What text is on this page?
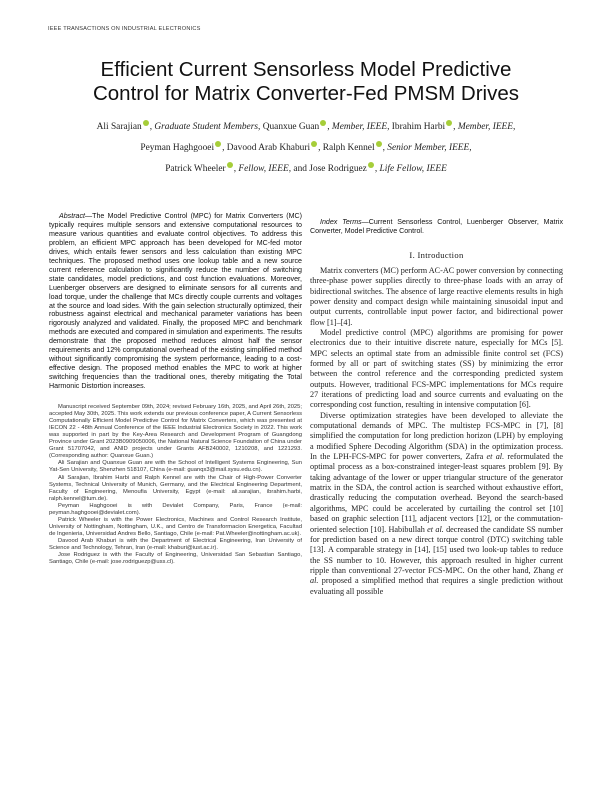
IEEE TRANSACTIONS ON INDUSTRIAL ELECTRONICS
Efficient Current Sensorless Model Predictive
Control for Matrix Converter-Fed PMSM Drives
Ali Sarajian , Graduate Student Members, Quanxue Guan , Member, IEEE, Ibrahim Harbi , Member, IEEE,
Peyman Haghgooei , Davood Arab Khaburi , Ralph Kennel , Senior Member, IEEE,
Patrick Wheeler , Fellow, IEEE, and Jose Rodriguez , Life Fellow, IEEE

Abstract—The Model Predictive Control (MPC) for Matrix Converters (MC) typically requires multiple sensors and extensive computational resources to measure various quantities and evaluate control objectives. To address this problem, an efficient MPC approach has been developed for MC-fed motor drives, which entails fewer sensors and less calculation than existing MPC techniques. The proposed method uses one lookup table and a new source current reference calculation to significantly reduce the number of switching state candidates, model predictions, and cost function evaluations. Moreover, Luenberger observers are designed to eliminate sensors for all currents and load torque, under the challenge that MCs directly couple currents and voltages at the source and load sides. With the gain selection structurally optimized, their robustness against electrical and mechanical parameter variations has been rigorously analyzed and validated. Finally, the proposed MPC and benchmark methods are executed and compared in simulation and experiments. The results demonstrate that the proposed method reduces almost half the sensor requirements and 12% computational overhead of the existing simplified method without significantly compromising the system performance, leading to a cost-effective design. The proposed method enables the MPC to work at higher switching frequencies than the traditional ones, thereby mitigating the Total Harmonic Distortion increases.

Manuscript received September 09th, 2024; revised February 16th, 2025, and April 26th, 2025; accepted May 30th, 2025. This work extends our previous conference paper, A Current Sensorless Computationally Efficient Model Predictive Control for Matrix Converters, which was presented at IECON 22 - 48th Annual Conference of the IEEE Industrial Electronics Society in 2022. This work was supported in part by the Key-Area Research and Development Program of Guangdong Province under Grant 2023B0909050006, the National Natural Science Foundation of China under Grant 51707042, and ANID projects under Grants AFB240002, 1210208, and 1221293. (Corresponding author: Quanxue Guan.)

Ali Sarajian and Quanxue Guan are with the School of Intelligent Systems Engineering, Sun Yat-Sen University, Shenzhen 518107, China (e-mail: guanqx3@mail.sysu.edu.cn).

Ali Sarajian, Ibrahim Harbi and Ralph Kennel are with the Chair of High-Power Converter Systems, Technical University of Munich, Germany, and the Electrical Engineering Department, Faculty of Engineering, Menoufia University, Egypt (e-mail: ali.sarajian, ibrahim.harbi, ralph.kennel@tum.de).

Peyman Haghgooei is with Devialet Company, Paris, France (e-mail: peyman.haghgooei@devialet.com).

Patrick Wheeler is with the Power Electronics, Machines and Control Research Institute, University of Nottingham, Nottingham, U.K., and Centro de Transformacion Energetica, Facultad de Ingenieria, Universidad Andres Bello, Santiago, Chile (e-mail: Pat.Wheeler@nottingham.ac.uk).

Davood Arab Khaburi is with the Department of Electrical Engineering, Iran University of Science and Technology, Tehran, Iran (e-mail: khaburi@iust.ac.ir).

Jose Rodriguez is with the Faculty of Engineering, Universidad San Sebastian Santiago, Santiago, Chile (e-mail: jose.rodriguezp@uss.cl).

Index Terms—Current Sensorless Control, Luenberger Observer, Matrix Converter, Model Predictive Control.

I. Introduction

Matrix converters (MC) perform AC-AC power conversion by connecting three-phase power supplies directly to three-phase loads with an array of bidirectional switches. The absence of large reactive elements results in high power density and compact design while maintaining sinusoidal input and output currents, controllable input power factor, and bidirectional power flow [1]–[4].

Model predictive control (MPC) algorithms are promising for power electronics due to their intuitive discrete nature, especially for MCs [5]. MPC selects an optimal state from an admissible finite control set (FCS) formed by all or part of switching states (SS) by minimizing the error between the control reference and the corresponding predicted system outputs. However, traditional FCS-MPC implementations for MCs require 27 iterations of predicting load and source currents and evaluating on the corresponding cost function, resulting in intensive computation [6].

Diverse optimization strategies have been developed to alleviate the computational demands of MPC. The multistep FCS-MPC in [7], [8] simplified the computation for long prediction horizon (LPH) by employing a modified Sphere Decoding Algorithm (SDA) in the optimization process. In the LPH-FCS-MPC for power converters, Zafra et al. reformulated the optimal process as a box-constrained integer-least squares problem [9]. By taking advantage of the lower or upper triangular structure of the generator matrix in the SDA, the control action is searched without exhaustive effort, drastically reducing the computation overhead. Beyond the search-based algorithms, MPC could be accelerated by curtailing the control set [10] based on graphic selection [11], adjacent vectors [12], or the commutation-oriented selection [10]. Habibullah et al. decreased the candidate SS number for prediction based on a new direct torque control (DTC) switching table [13]. A comparable strategy in [14], [15] used two look-up tables to reduce the SS number to 10. However, this approach resulted in higher current ripple than conventional 27-vector FCS-MPC. On the other hand, Zhang et al. proposed a simplified method that requires a single prediction without evaluating all possible
